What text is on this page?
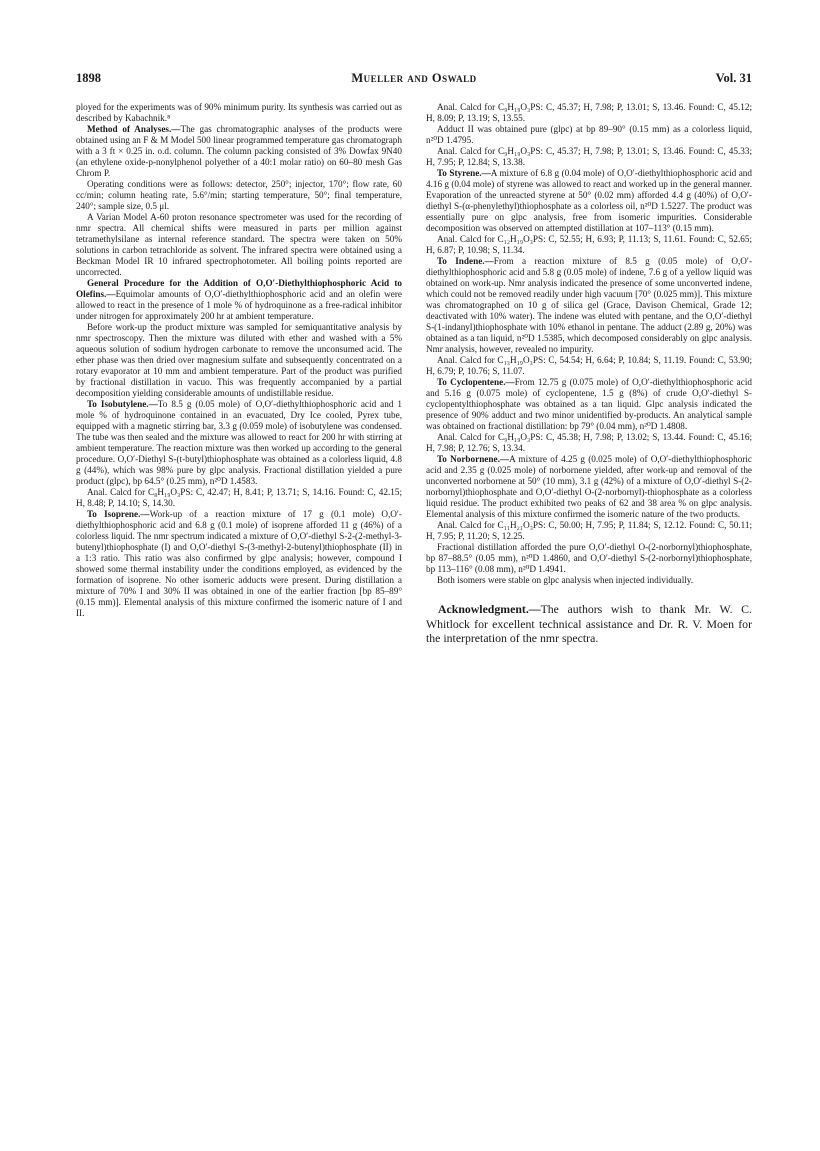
1898	Mueller and Oswald	Vol. 31

ployed for the experiments was of 90% minimum purity. Its synthesis was carried out as described by Kabachnik.⁸

Method of Analyses.—The gas chromatographic analyses of the products were obtained using an F & M Model 500 linear programmed temperature gas chromatograph with a 3 ft × 0.25 in. o.d. column. The column packing consisted of 3% Dowfax 9N40 (an ethylene oxide-p-nonylphenol polyether of a 40:1 molar ratio) on 60–80 mesh Gas Chrom P.

Operating conditions were as follows: detector, 250°; injector, 170°; flow rate, 60 cc/min; column heating rate, 5.6°/min; starting temperature, 50°; final temperature, 240°; sample size, 0.5 μl.

A Varian Model A-60 proton resonance spectrometer was used for the recording of nmr spectra. All chemical shifts were measured in parts per million against tetramethylsilane as internal reference standard. The spectra were taken on 50% solutions in carbon tetrachloride as solvent. The infrared spectra were obtained using a Beckman Model IR 10 infrared spectrophotometer. All boiling points reported are uncorrected.

General Procedure for the Addition of O,O′-Diethylthiophosphoric Acid to Olefins.—Equimolar amounts of O,O′-diethylthiophosphoric acid and an olefin were allowed to react in the presence of 1 mole % of hydroquinone as a free-radical inhibitor under nitrogen for approximately 200 hr at ambient temperature.

Before work-up the product mixture was sampled for semiquantitative analysis by nmr spectroscopy. Then the mixture was diluted with ether and washed with a 5% aqueous solution of sodium hydrogen carbonate to remove the unconsumed acid. The ether phase was then dried over magnesium sulfate and subsequently concentrated on a rotary evaporator at 10 mm and ambient temperature. Part of the product was purified by fractional distillation in vacuo. This was frequently accompanied by a partial decomposition yielding considerable amounts of undistillable residue.

To Isobutylene.—To 8.5 g (0.05 mole) of O,O′-diethylthiophosphoric acid and 1 mole % of hydroquinone contained in an evacuated, Dry Ice cooled, Pyrex tube, equipped with a magnetic stirring bar, 3.3 g (0.059 mole) of isobutylene was condensed. The tube was then sealed and the mixture was allowed to react for 200 hr with stirring at ambient temperature. The reaction mixture was then worked up according to the general procedure. O,O′-Diethyl S-(t-butyl)thiophosphate was obtained as a colorless liquid, 4.8 g (44%), which was 98% pure by glpc analysis. Fractional distillation yielded a pure product (glpc), bp 64.5° (0.25 mm), n²⁰D 1.4583.

Anal. Calcd for C₈H₁₉O₃PS: C, 42.47; H, 8.41; P, 13.71; S, 14.16. Found: C, 42.15; H, 8.48; P, 14.10; S, 14.30.

To Isoprene.—Work-up of a reaction mixture of 17 g (0.1 mole) O,O′-diethylthiophosphoric acid and 6.8 g (0.1 mole) of isoprene afforded 11 g (46%) of a colorless liquid. The nmr spectrum indicated a mixture of O,O′-diethyl S-2-(2-methyl-3-butenyl)thiophosphate (I) and O,O′-diethyl S-(3-methyl-2-butenyl)thiophosphate (II) in a 1:3 ratio. This ratio was also confirmed by glpc analysis; however, compound I showed some thermal instability under the conditions employed, as evidenced by the formation of isoprene. No other isomeric adducts were present. During distillation a mixture of 70% I and 30% II was obtained in one of the earlier fraction [bp 85–89° (0.15 mm)]. Elemental analysis of this mixture confirmed the isomeric nature of I and II.

Anal. Calcd for C₉H₁₉O₃PS: C, 45.37; H, 7.98; P, 13.01; S, 13.46. Found: C, 45.12; H, 8.09; P, 13.19; S, 13.55.

Adduct II was obtained pure (glpc) at bp 89–90° (0.15 mm) as a colorless liquid, n²⁰D 1.4795.

Anal. Calcd for C₉H₁₉O₃PS: C, 45.37; H, 7.98; P, 13.01; S, 13.46. Found: C, 45.33; H, 7.95; P, 12.84; S, 13.38.

To Styrene.—A mixture of 6.8 g (0.04 mole) of O,O′-diethylthiophosphoric acid and 4.16 g (0.04 mole) of styrene was allowed to react and worked up in the general manner. Evaporation of the unreacted styrene at 50° (0.02 mm) afforded 4.4 g (40%) of O,O′-diethyl S-(α-phenylethyl)thiophosphate as a colorless oil, n²⁰D 1.5227. The product was essentially pure on glpc analysis, free from isomeric impurities. Considerable decomposition was observed on attempted distillation at 107–113° (0.15 mm).

Anal. Calcd for C₁₂H₁₉O₃PS: C, 52.55; H, 6.93; P, 11.13; S, 11.61. Found: C, 52.65; H, 6.87; P, 10.98; S, 11.34.

To Indene.—From a reaction mixture of 8.5 g (0.05 mole) of O,O′-diethylthiophosphoric acid and 5.8 g (0.05 mole) of indene, 7.6 g of a yellow liquid was obtained on work-up. Nmr analysis indicated the presence of some unconverted indene, which could not be removed readily under high vacuum [70° (0.025 mm)]. This mixture was chromatographed on 10 g of silica gel (Grace, Davison Chemical, Grade 12; deactivated with 10% water). The indene was eluted with pentane, and the O,O′-diethyl S-(1-indanyl)thiophosphate with 10% ethanol in pentane. The adduct (2.89 g, 20%) was obtained as a tan liquid, n²⁰D 1.5385, which decomposed considerably on glpc analysis. Nmr analysis, however, revealed no impurity.

Anal. Calcd for C₁₃H₁₉O₃PS: C, 54.54; H, 6.64; P, 10.84; S, 11.19. Found: C, 53.90; H, 6.79; P, 10.76; S, 11.07.

To Cyclopentene.—From 12.75 g (0.075 mole) of O,O′-diethylthiophosphoric acid and 5.16 g (0.075 mole) of cyclopentene, 1.5 g (8%) of crude O,O′-diethyl S-cyclopentylthiophosphate was obtained as a tan liquid. Glpc analysis indicated the presence of 90% adduct and two minor unidentified by-products. An analytical sample was obtained on fractional distillation: bp 79° (0.04 mm), n²⁰D 1.4808.

Anal. Calcd for C₉H₁₉O₃PS: C, 45.38; H, 7.98; P, 13.02; S, 13.44. Found: C, 45.16; H, 7.98; P, 12.76; S, 13.34.

To Norbornene.—A mixture of 4.25 g (0.025 mole) of O,O′-diethylthiophosphoric acid and 2.35 g (0.025 mole) of norbornene yielded, after work-up and removal of the unconverted norbornene at 50° (10 mm), 3.1 g (42%) of a mixture of O,O′-diethyl S-(2-norbornyl)thiophosphate and O,O′-diethyl O-(2-norbornyl)-thiophosphate as a colorless liquid residue. The product exhibited two peaks of 62 and 38 area % on glpc analysis. Elemental analysis of this mixture confirmed the isomeric nature of the two products.

Anal. Calcd for C₁₁H₂₁O₃PS: C, 50.00; H, 7.95; P, 11.84; S, 12.12. Found: C, 50.11; H, 7.95; P, 11.20; S, 12.25.

Fractional distillation afforded the pure O,O′-diethyl O-(2-norbornyl)thiophosphate, bp 87–88.5° (0.05 mm), n²⁰D 1.4860, and O,O′-diethyl S-(2-norbornyl)thiophosphate, bp 113–116° (0.08 mm), n²⁰D 1.4941.

Both isomers were stable on glpc analysis when injected individually.

Acknowledgment.—The authors wish to thank Mr. W. C. Whitlock for excellent technical assistance and Dr. R. V. Moen for the interpretation of the nmr spectra.
